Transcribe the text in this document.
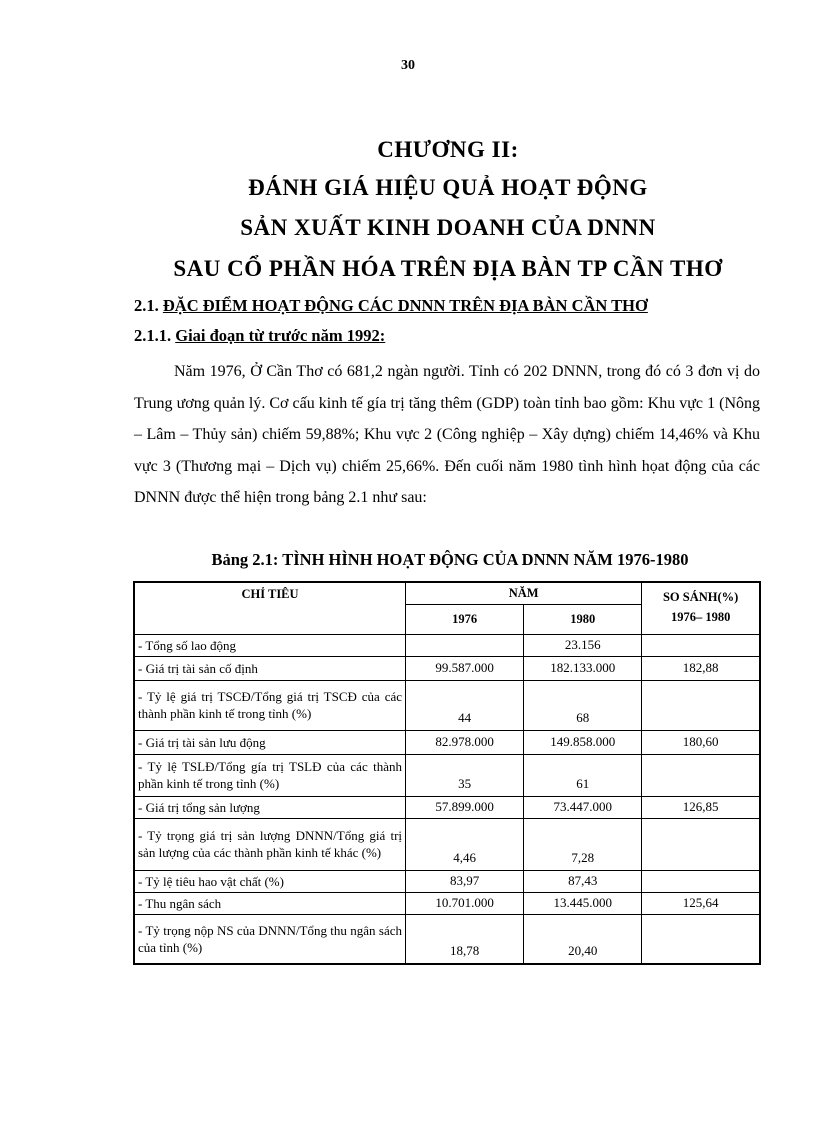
30
CHƯƠNG II:
ĐÁNH GIÁ HIỆU QUẢ HOẠT ĐỘNG
SẢN XUẤT KINH DOANH CỦA DNNN
SAU CỔ PHẦN HÓA TRÊN ĐỊA BÀN TP CẦN THƠ
2.1. ĐẶC ĐIỂM HOẠT ĐỘNG CÁC DNNN TRÊN ĐỊA BÀN CẦN THƠ
2.1.1. Giai đoạn từ trước năm 1992:

Năm 1976, Ở Cần Thơ có 681,2 ngàn người. Tỉnh có 202 DNNN, trong đó có 3 đơn vị do Trung ương quản lý. Cơ cấu kinh tế gía trị tăng thêm (GDP) toàn tỉnh bao gồm: Khu vực 1 (Nông – Lâm – Thủy sản) chiếm 59,88%; Khu vực 2 (Công nghiệp – Xây dựng) chiếm 14,46% và Khu vực 3 (Thương mại – Dịch vụ) chiếm 25,66%. Đến cuối năm 1980 tình hình họat động của các DNNN được thể hiện trong bảng 2.1 như sau:

Bảng 2.1: TÌNH HÌNH HOẠT ĐỘNG CỦA DNNN NĂM 1976-1980
CHỈ TIÊU	NĂM		SO SÁNH(%)
1976– 1980

	1976	1980	
- Tổng số lao động		23.156	
- Giá trị tài sản cố định	99.587.000	182.133.000	182,88
- Tỷ lệ giá trị TSCĐ/Tổng giá trị TSCĐ của các thành phần kinh tế trong tỉnh (%)	44	68	
- Giá trị tài sản lưu động	82.978.000	149.858.000	180,60
- Tỷ lệ TSLĐ/Tổng gía trị TSLĐ của các thành phần kinh tế trong tỉnh (%)	35	61	
- Giá trị tổng sản lượng	57.899.000	73.447.000	126,85
- Tỷ trọng giá trị sản lượng DNNN/Tổng giá trị sản lượng của các thành phần kinh tế khác (%)	4,46	7,28	
- Tỷ lệ tiêu hao vật chất (%)	83,97	87,43	
- Thu ngân sách	10.701.000	13.445.000	125,64
- Tỷ trọng nộp NS của DNNN/Tổng thu ngân sách của tỉnh (%)	18,78	20,40	
